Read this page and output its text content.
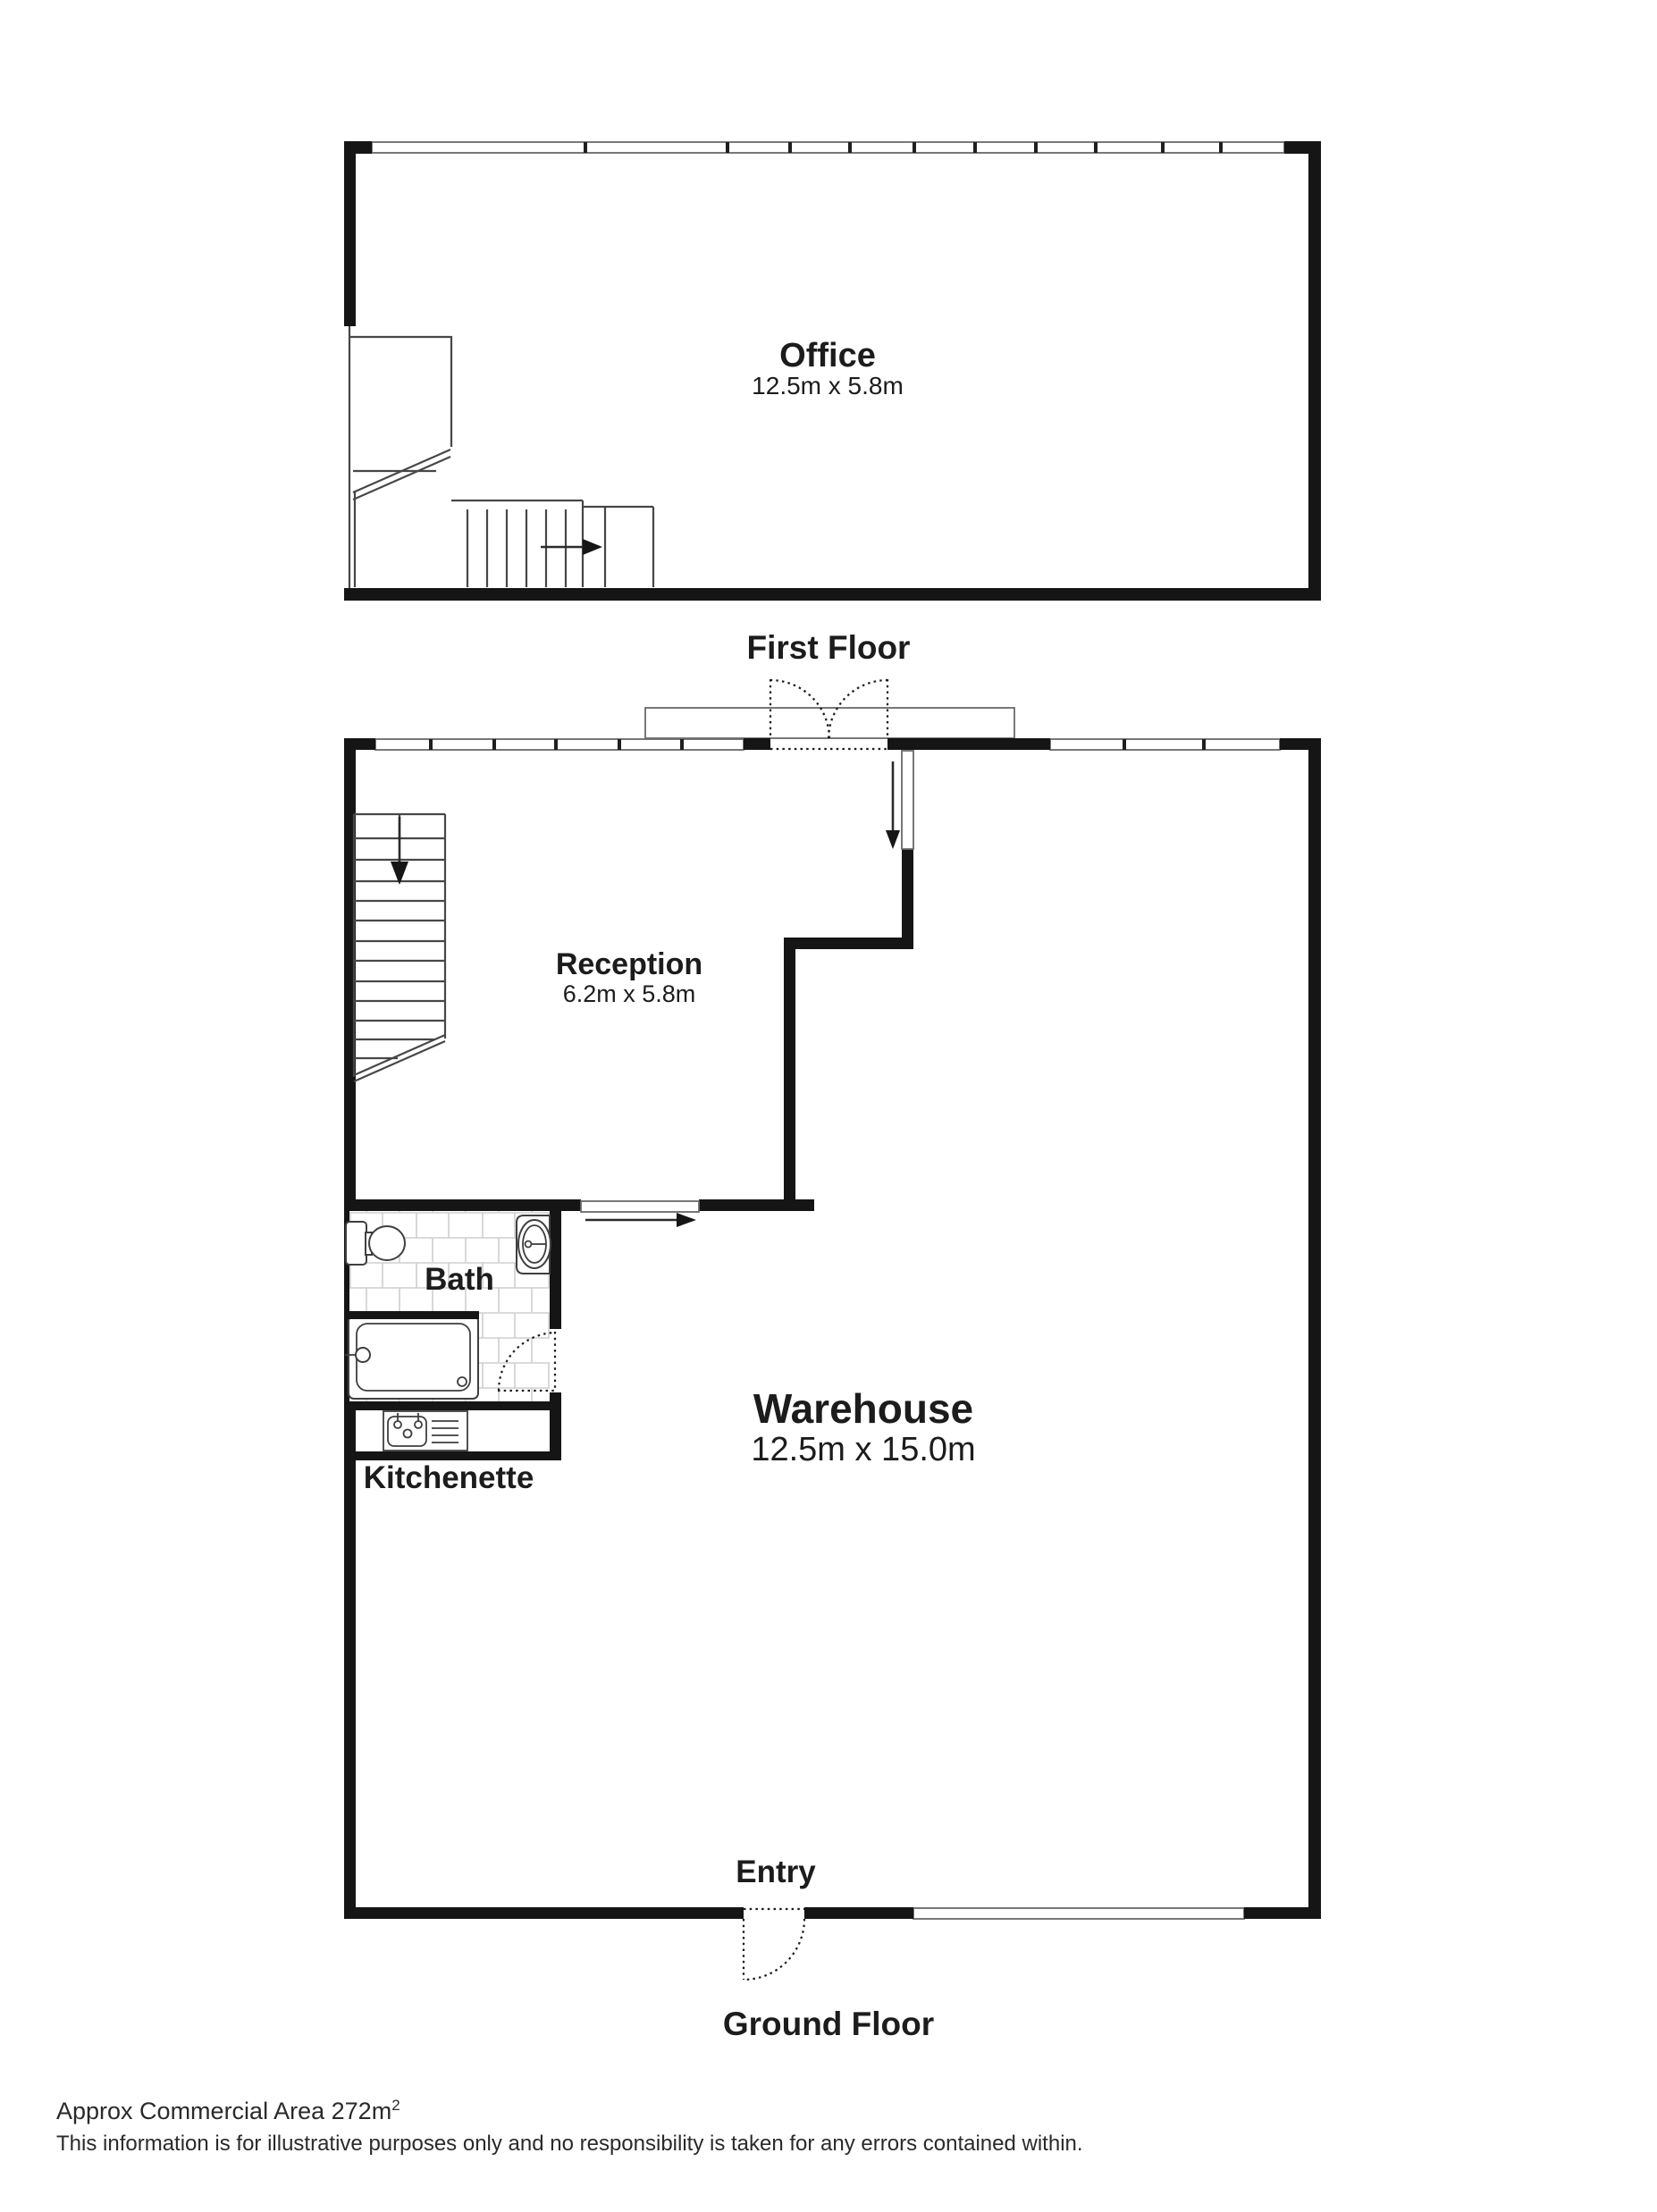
Office
12.5m x 5.8m
First Floor
Reception
6.2m x 5.8m
Bath
Warehouse
12.5m x 15.0m
Kitchenette
Entry
Ground Floor
Approx Commercial Area $272m^2$
This information is for illustrative purposes only and no responsibility is taken for any errors contained within.
